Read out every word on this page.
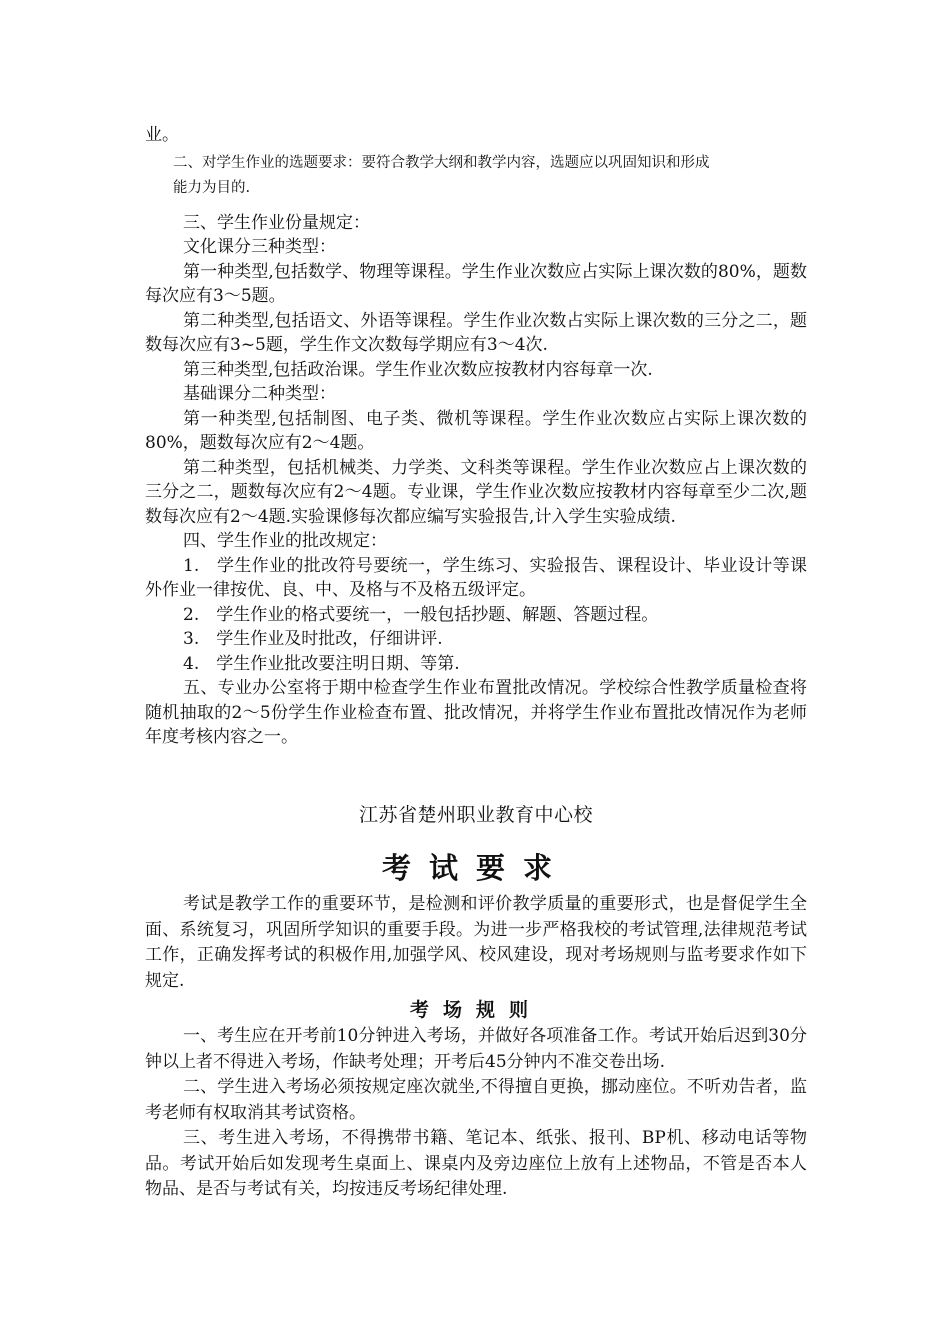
业。

二、对学生作业的选题要求：要符合教学大纲和教学内容，选题应以巩固知识和形成

能力为目的.

三、学生作业份量规定：

文化课分三种类型：

第一种类型,包括数学、物理等课程。学生作业次数应占实际上课次数的80%，题数每次应有3～5题。

第二种类型,包括语文、外语等课程。学生作业次数占实际上课次数的三分之二，题数每次应有3~5题，学生作文次数每学期应有3～4次.

第三种类型,包括政治课。学生作业次数应按教材内容每章一次.

基础课分二种类型：

第一种类型,包括制图、电子类、微机等课程。学生作业次数应占实际上课次数的80%，题数每次应有2～4题。

第二种类型，包括机械类、力学类、文科类等课程。学生作业次数应占上课次数的三分之二，题数每次应有2～4题。专业课，学生作业次数应按教材内容每章至少二次,题数每次应有2～4题.实验课修每次都应编写实验报告,计入学生实验成绩.

四、学生作业的批改规定：

1.　学生作业的批改符号要统一，学生练习、实验报告、课程设计、毕业设计等课外作业一律按优、良、中、及格与不及格五级评定。

2.　学生作业的格式要统一，一般包括抄题、解题、答题过程。

3.　学生作业及时批改，仔细讲评.

4.　学生作业批改要注明日期、等第.

五、专业办公室将于期中检查学生作业布置批改情况。学校综合性教学质量检查将随机抽取的2～5份学生作业检查布置、批改情况，并将学生作业布置批改情况作为老师年度考核内容之一。

江苏省楚州职业教育中心校

考试要求

考试是教学工作的重要环节，是检测和评价教学质量的重要形式，也是督促学生全面、系统复习，巩固所学知识的重要手段。为进一步严格我校的考试管理,法律规范考试工作，正确发挥考试的积极作用,加强学风、校风建设，现对考场规则与监考要求作如下规定.

考场规则

一、考生应在开考前10分钟进入考场，并做好各项准备工作。考试开始后迟到30分钟以上者不得进入考场，作缺考处理；开考后45分钟内不准交卷出场.

二、学生进入考场必须按规定座次就坐,不得擅自更换，挪动座位。不听劝告者，监考老师有权取消其考试资格。

三、考生进入考场，不得携带书籍、笔记本、纸张、报刊、BP机、移动电话等物品。考试开始后如发现考生桌面上、课桌内及旁边座位上放有上述物品，不管是否本人物品、是否与考试有关，均按违反考场纪律处理.
